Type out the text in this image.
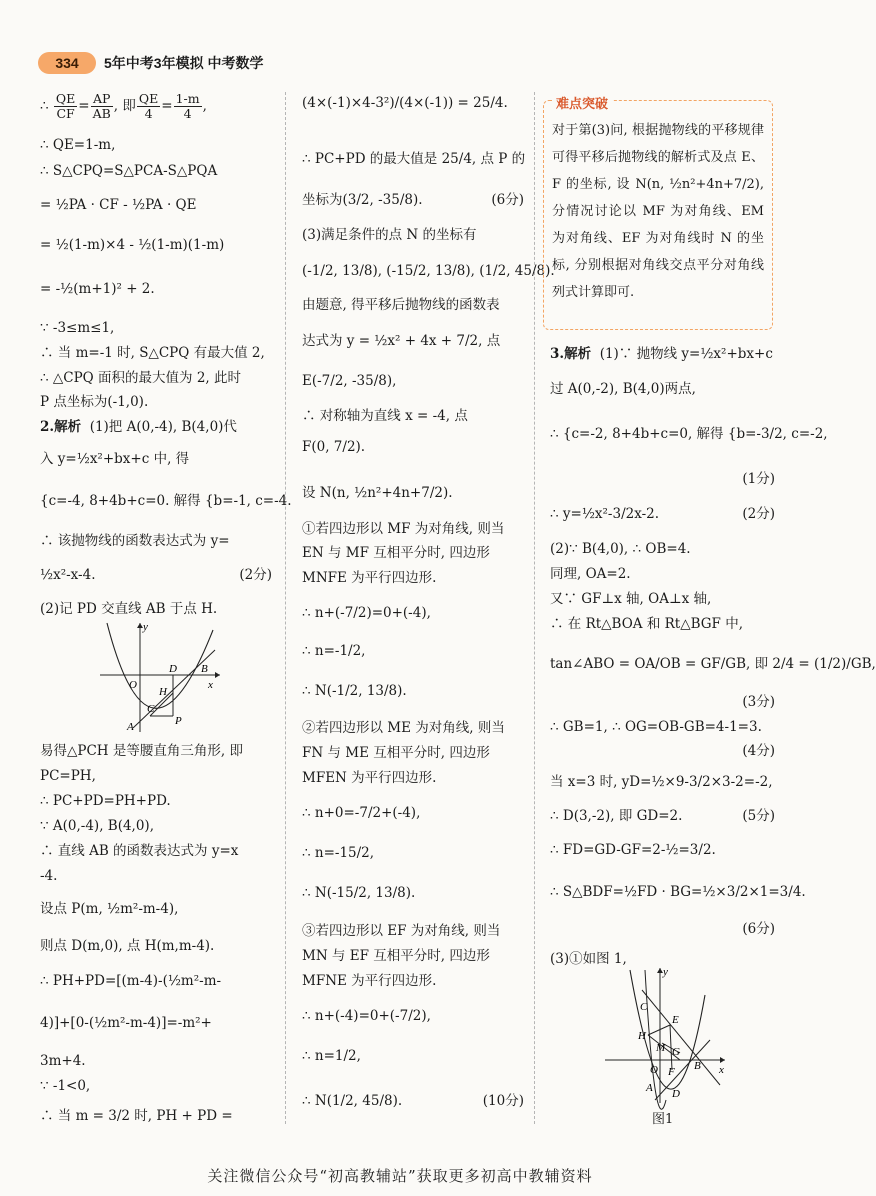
334	5年中考3年模拟 中考数学
∴ $\frac{QE}{CF} = \frac{AP}{AB}$ , 即 $\frac{QE}{4} = \frac{1-m}{4}$ ,
∴ QE=1-m,
∴ S△CPQ=S△PCA-S△PQA
= ½PA · CF - ½PA · QE
= ½(1-m)×4 - ½(1-m)(1-m)
= -½(m+1)² + 2.
∵ -3≤m≤1,
∴ 当 m=-1 时, S△CPQ 有最大值 2,
∴ △CPQ 面积的最大值为 2, 此时
P 点坐标为(-1,0).
2.解析 (1)把 A(0,-4), B(4,0)代
入 y=½x²+bx+c 中, 得
{c=-4, 8+4b+c=0. 解得 {b=-1, c=-4.
∴ 该抛物线的函数表达式为 y=
½x²-x-4.	(2分)
(2)记 PD 交直线 AB 于点 H.
易得△PCH 是等腰直角三角形, 即
PC=PH,
∴ PC+PD=PH+PD.
∵ A(0,-4), B(4,0),
∴ 直线 AB 的函数表达式为 y=x
-4.
设点 P(m, ½m²-m-4),
则点 D(m,0), 点 H(m,m-4).
∴ PH+PD=[(m-4)-(½m²-m-
4)]+[0-(½m²-m-4)]=-m²+
3m+4.
∵ -1<0,
∴ 当 m = 3/2 时, PH + PD =
x
y
O
D B
H
C
A	P
(4×(-1)×4-3²)/(4×(-1)) = 25/4.
∴ PC+PD 的最大值是 25/4, 点 P 的
坐标为(3/2, -35/8).	(6分)
(3)满足条件的点 N 的坐标有
(-1/2, 13/8), (-15/2, 13/8), (1/2, 45/8).
由题意, 得平移后抛物线的函数表
达式为 y = ½x² + 4x + 7/2, 点
E(-7/2, -35/8),
∴ 对称轴为直线 x = -4, 点
F(0, 7/2).
设 N(n, ½n²+4n+7/2).
①若四边形以 MF 为对角线, 则当
EN 与 MF 互相平分时, 四边形
MNFE 为平行四边形.
∴ n+(-7/2)=0+(-4),
∴ n=-1/2,
∴ N(-1/2, 13/8).
②若四边形以 ME 为对角线, 则当
FN 与 ME 互相平分时, 四边形
MFEN 为平行四边形.
∴ n+0=-7/2+(-4),
∴ n=-15/2,
∴ N(-15/2, 13/8).
③若四边形以 EF 为对角线, 则当
MN 与 EF 互相平分时, 四边形
MFNE 为平行四边形.
∴ n+(-4)=0+(-7/2),
∴ n=1/2,
∴ N(1/2, 45/8).	(10分)
难点突破
对于第(3)问, 根据抛物线的平移规律可得平移后抛物线的解析式及点 E、F 的坐标, 设 N(n, ½n²+4n+7/2), 分情况讨论以 MF 为对角线、EM 为对角线、EF 为对角线时 N 的坐标, 分别根据对角线交点平分对角线列式计算即可.
3.解析 (1)∵ 抛物线 y=½x²+bx+c
过 A(0,-2), B(4,0)两点,
∴ {c=-2, 8+4b+c=0, 解得 {b=-3/2, c=-2,
(1分)
∴ y=½x²-3/2x-2.	(2分)
(2)∵ B(4,0), ∴ OB=4.
同理, OA=2.
又∵ GF⊥x 轴, OA⊥x 轴,
∴ 在 Rt△BOA 和 Rt△BGF 中,
tan∠ABO = OA/OB = GF/GB, 即 2/4 = (1/2)/GB,
(3分)
∴ GB=1, ∴ OG=OB-GB=4-1=3.
(4分)
当 x=3 时, yD=½×9-3/2×3-2=-2,
∴ D(3,-2), 即 GD=2.	(5分)
∴ FD=GD-GF=2-½=3/2.
∴ S△BDF=½FD · BG=½×3/2×1=3/4.
(6分)
(3)①如图 1,
x
y
O
C
E
H
M G
B
F
A D
图1
关注微信公众号“初高教辅站”获取更多初高中教辅资料
